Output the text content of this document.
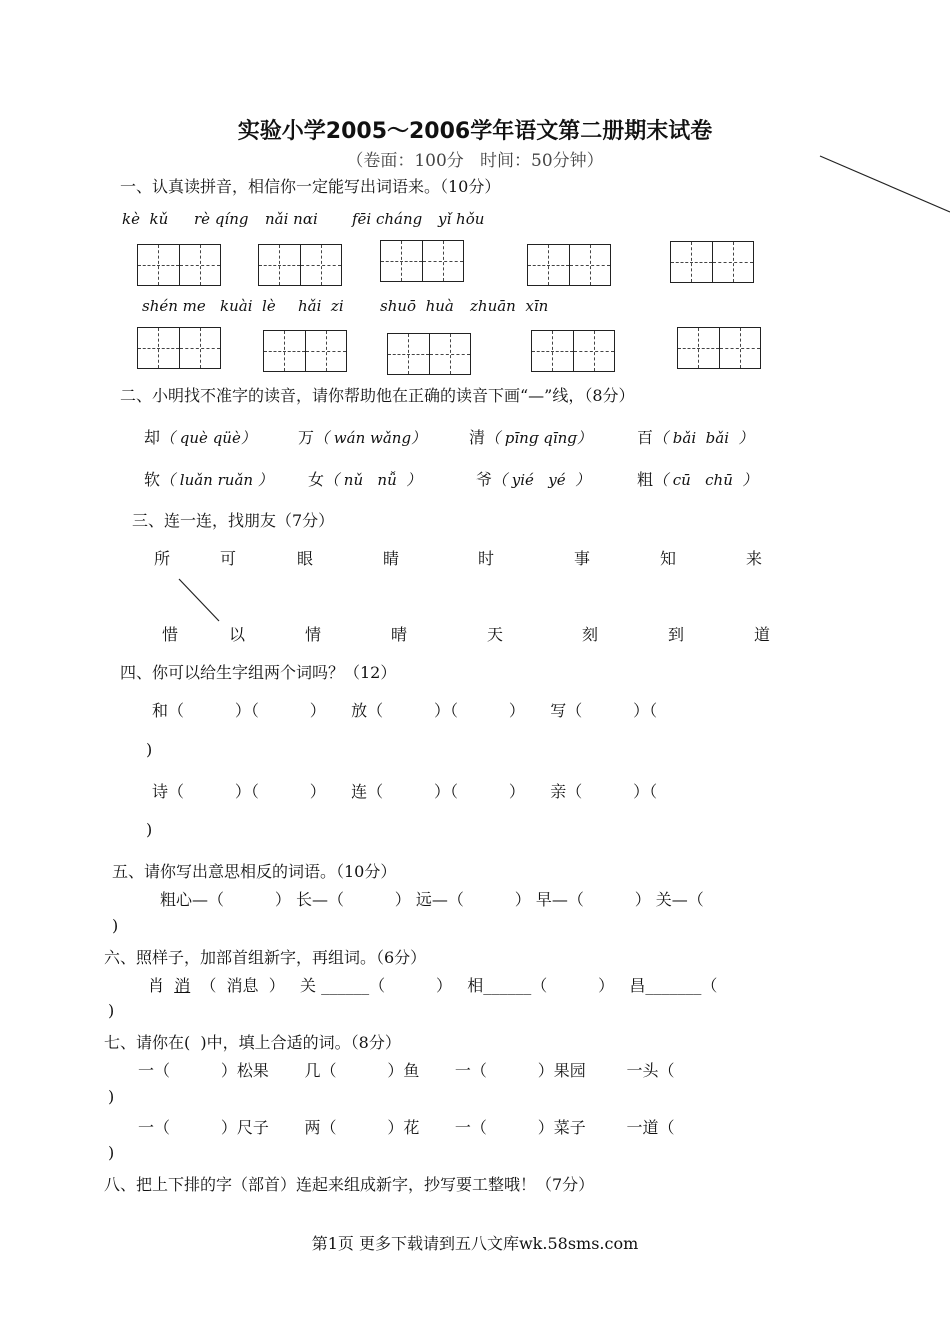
实验小学2005～2006学年语文第二册期末试卷
（卷面：100分   时间：50分钟）
一、认真读拼音，相信你一定能写出词语来。（10分）
kè  kǔ rè qíng nǎi nɑi fēi cháng yǐ hǒu
shén me kuài  lè hǎi  zi shuō  huà zhuān  xīn
二、小明找不准字的读音，请你帮助他在正确的读音下画“—”线，（8分）
却（ què qüè）	万（ wán wǎng）	清（ pīnɡ qīnɡ）	百（ bǎi  bǎi  ）
软（ luǎn ruǎn ） 女（ nǔ   nǚ  ）	爷（ yié   yé  ）	粗（ cū   chū  ）
三、连一连，找朋友（7分）
所	可	眼	睛	时	事	知	来
惜	以	情	晴	天	刻	到	道
四、你可以给生字组两个词吗？（12）
和（          ）（          ）     放（          ）（          ）     写（          ）（
)
诗（          ）（          ）     连（          ）（          ）     亲（          ）（
)
五、请你写出意思相反的词语。（10分）
粗心—（          ） 长—（          ） 远—（          ） 早—（          ） 关—（
)
六、照样子，加部首组新字，再组词。（6分）
肖 消 （  消息  ） 关 ______（          ） 相______（          ） 昌_______（
)
七、请你在(  )中，填上合适的词。（8分）
一（          ）松果       几（          ）鱼       一（          ）果园        一头（
)
一（          ）尺子       两（          ）花       一（          ）菜子        一道（
)
八、把上下排的字（部首）连起来组成新字，抄写要工整哦！（7分）
第1页 更多下载请到五八文库wk.58sms.com
